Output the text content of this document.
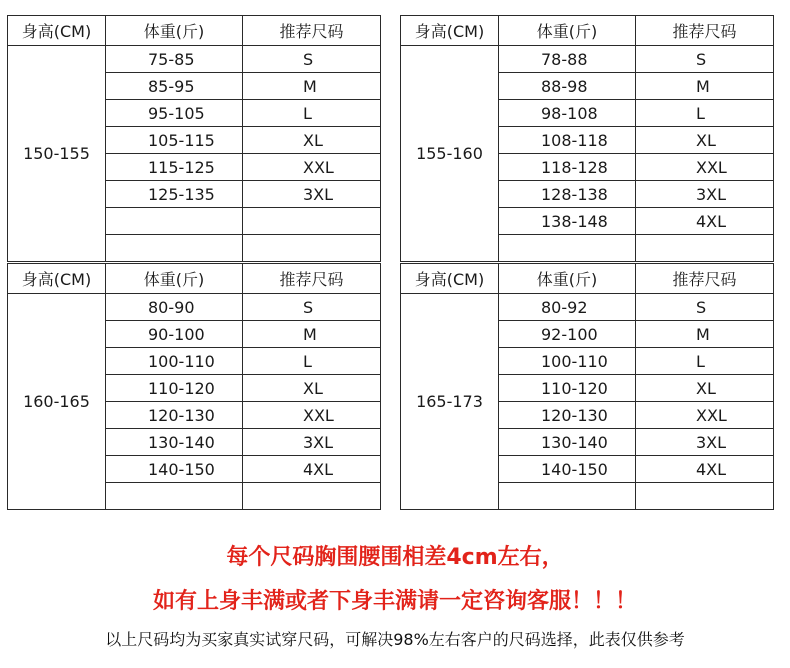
身高(CM)	体重(斤)	推荐尺码
150-155	75-85	S
	85-95	M
	95-105	L
	105-115	XL
	115-125	XXL
	125-135	3XL

身高(CM)	体重(斤)	推荐尺码
155-160	78-88	S
	88-98	M
	98-108	L
	108-118	XL
	118-128	XXL
	128-138	3XL
	138-148	4XL

身高(CM)	体重(斤)	推荐尺码
160-165	80-90	S
	90-100	M
	100-110	L
	110-120	XL
	120-130	XXL
	130-140	3XL
	140-150	4XL

身高(CM)	体重(斤)	推荐尺码
165-173	80-92	S
	92-100	M
	100-110	L
	110-120	XL
	120-130	XXL
	130-140	3XL
	140-150	4XL

每个尺码胸围腰围相差4cm左右，
如有上身丰满或者下身丰满请一定咨询客服！！！
以上尺码均为买家真实试穿尺码，可解决98%左右客户的尺码选择，此表仅供参考
